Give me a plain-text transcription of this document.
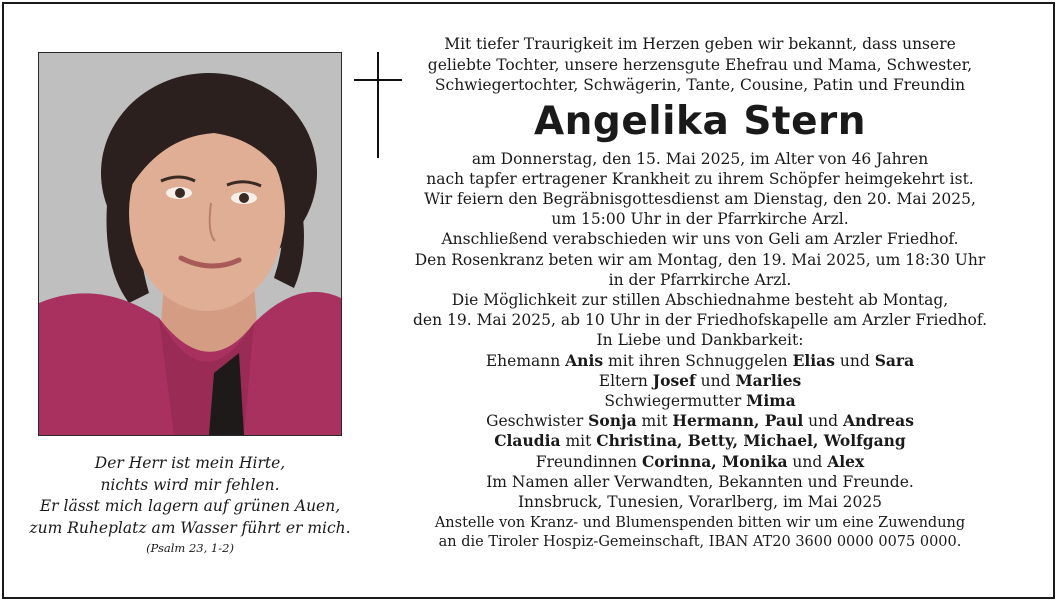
Der Herr ist mein Hirte,
nichts wird mir fehlen.
Er lässt mich lagern auf grünen Auen,
zum Ruheplatz am Wasser führt er mich.
(Psalm 23, 1-2)
Mit tiefer Traurigkeit im Herzen geben wir bekannt, dass unsere
geliebte Tochter, unsere herzensgute Ehefrau und Mama, Schwester,
Schwiegertochter, Schwägerin, Tante, Cousine, Patin und Freundin
Angelika Stern
am Donnerstag, den 15. Mai 2025, im Alter von 46 Jahren
nach tapfer ertragener Krankheit zu ihrem Schöpfer heimgekehrt ist.
Wir feiern den Begräbnisgottesdienst am Dienstag, den 20. Mai 2025,
um 15:00 Uhr in der Pfarrkirche Arzl.
Anschließend verabschieden wir uns von Geli am Arzler Friedhof.
Den Rosenkranz beten wir am Montag, den 19. Mai 2025, um 18:30 Uhr
in der Pfarrkirche Arzl.
Die Möglichkeit zur stillen Abschiednahme besteht ab Montag,
den 19. Mai 2025, ab 10 Uhr in der Friedhofskapelle am Arzler Friedhof.
In Liebe und Dankbarkeit:
Ehemann Anis mit ihren Schnuggelen Elias und Sara
Eltern Josef und Marlies
Schwiegermutter Mima
Geschwister Sonja mit Hermann, Paul und Andreas
Claudia mit Christina, Betty, Michael, Wolfgang
Freundinnen Corinna, Monika und Alex
Im Namen aller Verwandten, Bekannten und Freunde.
Innsbruck, Tunesien, Vorarlberg, im Mai 2025
Anstelle von Kranz- und Blumenspenden bitten wir um eine Zuwendung
an die Tiroler Hospiz-Gemeinschaft, IBAN AT20 3600 0000 0075 0000.
